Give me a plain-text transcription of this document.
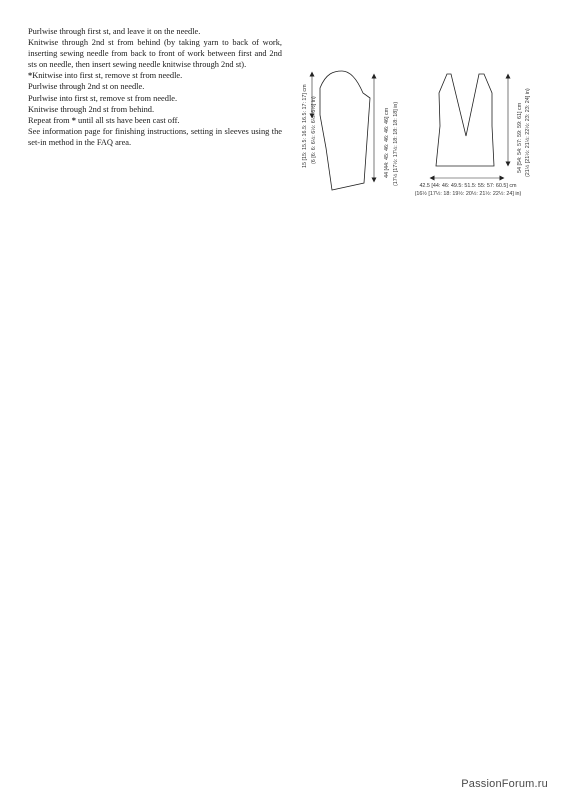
Purlwise through first st, and leave it on the needle.

Knitwise through 2nd st from behind (by taking yarn to back of work, inserting sewing needle from back to front of work between first and 2nd sts on needle, then insert sewing needle knitwise through 2nd st).

*Knitwise into first st, remove st from needle.

Purlwise through 2nd st on needle.

Purlwise into first st, remove st from needle.

Knitwise through 2nd st from behind.

Repeat from * until all sts have been cast off.

See information page for finishing instructions, setting in sleeves using the set-in method in the FAQ area.	15 [15: 15.5: 16.5: 16.5: 17: 17] cm (6 [6: 6: 6½: 6½: 6½: 6½] in)	44 [44: 45: 46: 46: 46: 46] cm (17½ [17½: 17½: 18: 18: 18: 18] in)	54 [54: 54: 57: 59: 59: 61] cm (21½ [21½: 21½: 22½: 23: 23: 24] in)
42.5 [44: 46: 49.5: 51.5: 55: 57: 60.5] cm
(16½ [17½: 18: 19½: 20½: 21½: 22½: 24] in)
PassionForum.ru
